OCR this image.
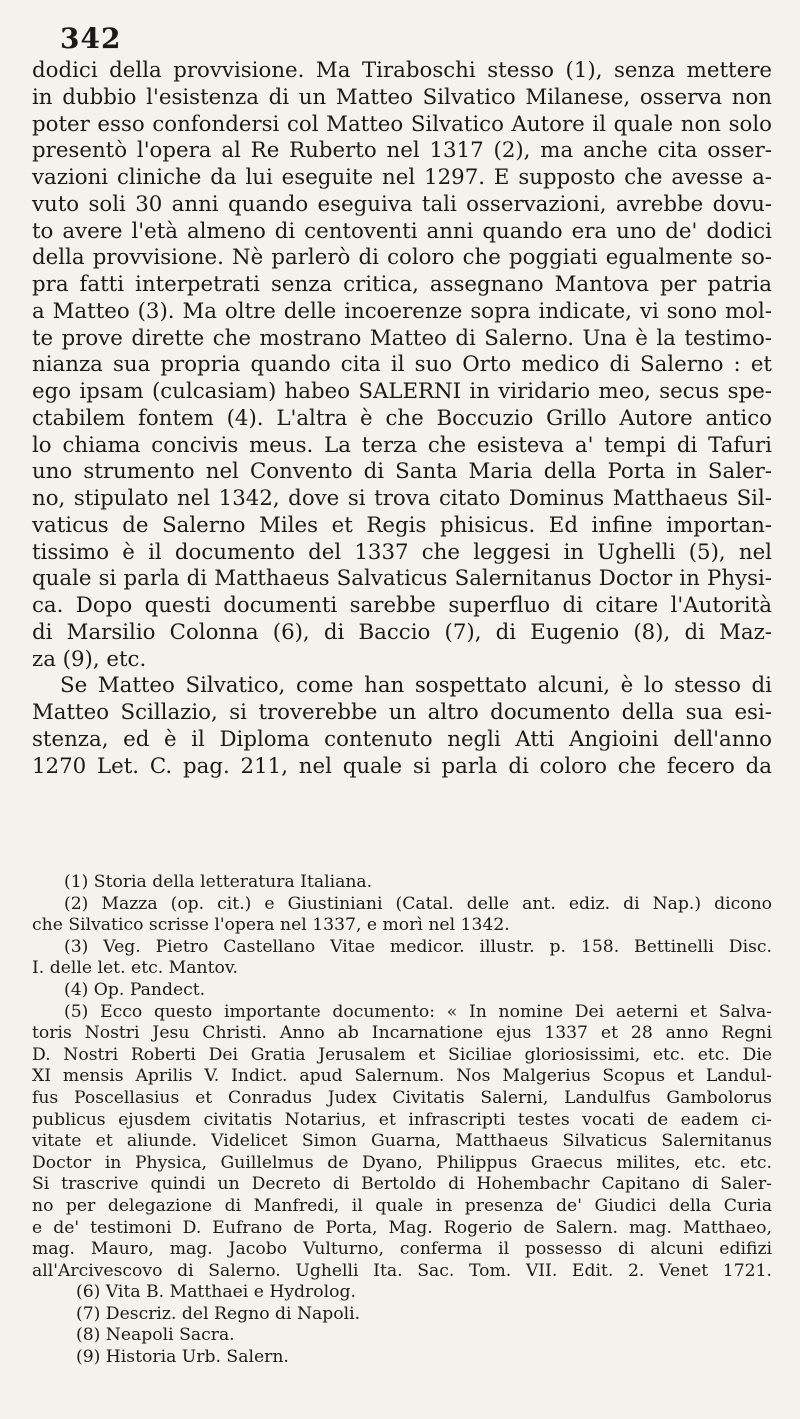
342

dodici della provvisione. Ma Tiraboschi stesso (1), senza mettere

in dubbio l'esistenza di un Matteo Silvatico Milanese, osserva non

poter esso confondersi col Matteo Silvatico Autore il quale non solo

presentò l'opera al Re Ruberto nel 1317 (2), ma anche cita osser-

vazioni cliniche da lui eseguite nel 1297. E supposto che avesse a-

vuto soli 30 anni quando eseguiva tali osservazioni, avrebbe dovu-

to avere l'età almeno di centoventi anni quando era uno de' dodici

della provvisione. Nè parlerò di coloro che poggiati egualmente so-

pra fatti interpetrati senza critica, assegnano Mantova per patria

a Matteo (3). Ma oltre delle incoerenze sopra indicate, vi sono mol-

te prove dirette che mostrano Matteo di Salerno. Una è la testimo-

nianza sua propria quando cita il suo Orto medico di Salerno : et

ego ipsam (culcasiam) habeo SALERNI in viridario meo, secus spe-

ctabilem fontem (4). L'altra è che Boccuzio Grillo Autore antico

lo chiama concivis meus. La terza che esisteva a' tempi di Tafuri

uno strumento nel Convento di Santa Maria della Porta in Saler-

no, stipulato nel 1342, dove si trova citato Dominus Matthaeus Sil-

vaticus de Salerno Miles et Regis phisicus. Ed infine importan-

tissimo è il documento del 1337 che leggesi in Ughelli (5), nel

quale si parla di Matthaeus Salvaticus Salernitanus Doctor in Physi-

ca. Dopo questi documenti sarebbe superfluo di citare l'Autorità

di Marsilio Colonna (6), di Baccio (7), di Eugenio (8), di Maz-

za (9), etc.

Se Matteo Silvatico, come han sospettato alcuni, è lo stesso di

Matteo Scillazio, si troverebbe un altro documento della sua esi-

stenza, ed è il Diploma contenuto negli Atti Angioini dell'anno

1270 Let. C. pag. 211, nel quale si parla di coloro che fecero da

(1) Storia della letteratura Italiana.

(2) Mazza (op. cit.) e Giustiniani (Catal. delle ant. ediz. di Nap.) dicono

che Silvatico scrisse l'opera nel 1337, e morì nel 1342.

(3) Veg. Pietro Castellano Vitae medicor. illustr. p. 158. Bettinelli Disc.

I. delle let. etc. Mantov.

(4) Op. Pandect.

(5) Ecco questo importante documento: « In nomine Dei aeterni et Salva-

toris Nostri Jesu Christi. Anno ab Incarnatione ejus 1337 et 28 anno Regni

D. Nostri Roberti Dei Gratia Jerusalem et Siciliae gloriosissimi, etc. etc. Die

XI mensis Aprilis V. Indict. apud Salernum. Nos Malgerius Scopus et Landul-

fus Poscellasius et Conradus Judex Civitatis Salerni, Landulfus Gambolorus

publicus ejusdem civitatis Notarius, et infrascripti testes vocati de eadem ci-

vitate et aliunde. Videlicet Simon Guarna, Matthaeus Silvaticus Salernitanus

Doctor in Physica, Guillelmus de Dyano, Philippus Graecus milites, etc. etc.

Si trascrive quindi un Decreto di Bertoldo di Hohembachr Capitano di Saler-

no per delegazione di Manfredi, il quale in presenza de' Giudici della Curia

e de' testimoni D. Eufrano de Porta, Mag. Rogerio de Salern. mag. Matthaeo,

mag. Mauro, mag. Jacobo Vulturno, conferma il possesso di alcuni edifizi

all'Arcivescovo di Salerno. Ughelli Ita. Sac. Tom. VII. Edit. 2. Venet 1721.

(6) Vita B. Matthaei e Hydrolog.

(7) Descriz. del Regno di Napoli.

(8) Neapoli Sacra.

(9) Historia Urb. Salern.
